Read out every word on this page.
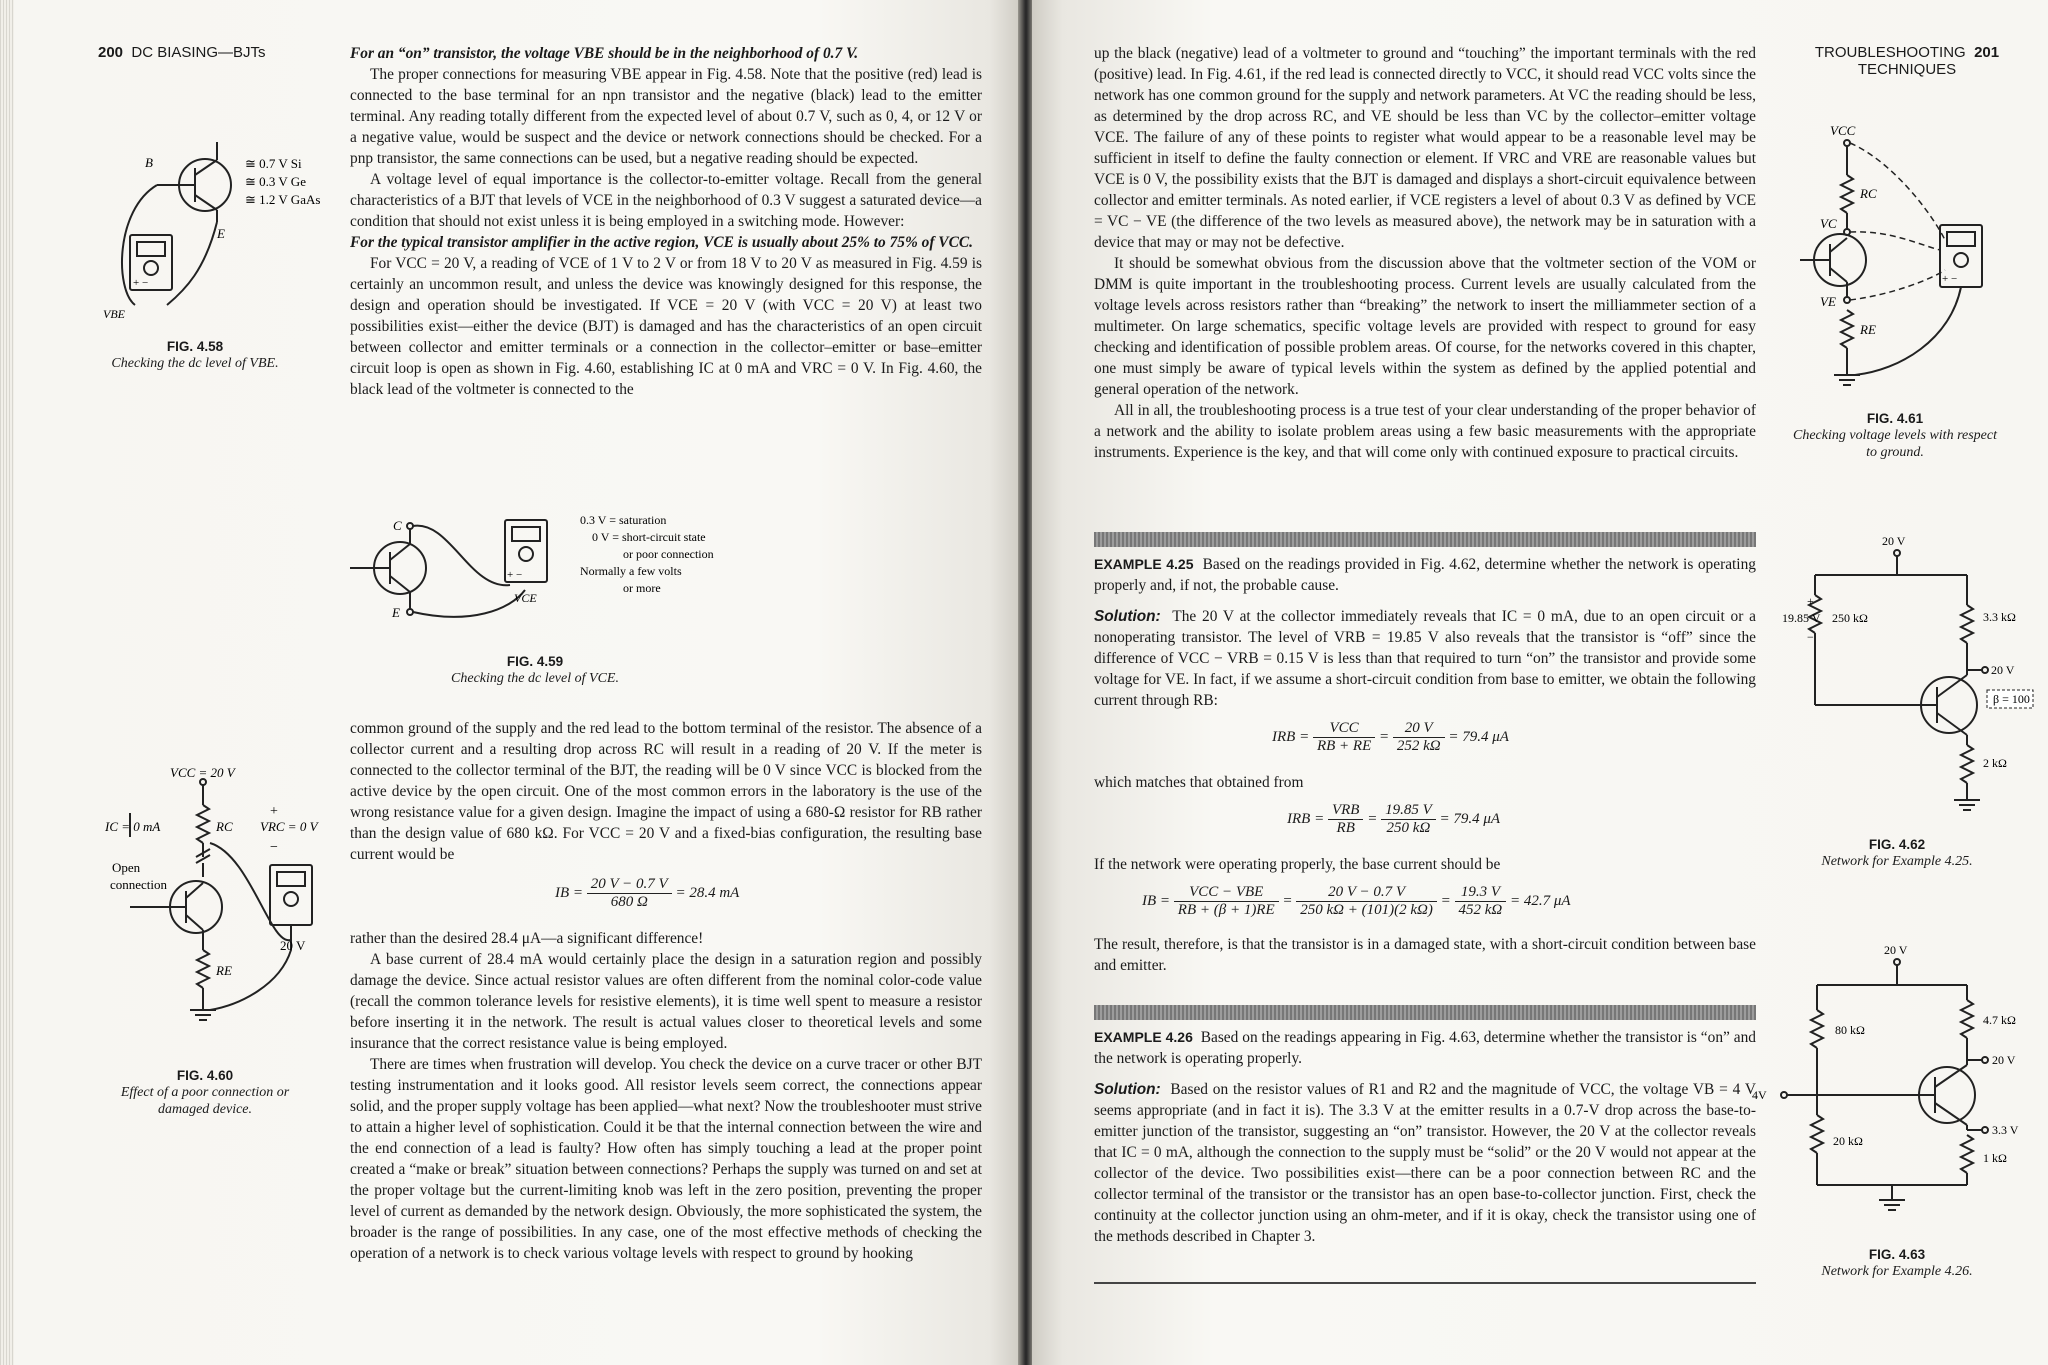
200 DC BIASING—BJTs
B
E
≅ 0.7 V Si
≅ 0.3 V Ge
≅ 1.2 V GaAs
VBE
+ −
FIG. 4.58
Checking the dc level of VBE.
VCC = 20 V
IC = 0 mA	RC VRC = 0 V
+
−
Open
connection
RE
20 V
FIG. 4.60
Effect of a poor connection or
damaged device.

For an “on” transistor, the voltage VBE should be in the neighborhood of 0.7 V.

The proper connections for measuring VBE appear in Fig. 4.58. Note that the positive (red) lead is connected to the base terminal for an npn transistor and the negative (black) lead to the emitter terminal. Any reading totally different from the expected level of about 0.7 V, such as 0, 4, or 12 V or a negative value, would be suspect and the device or network connections should be checked. For a pnp transistor, the same connections can be used, but a negative reading should be expected.

A voltage level of equal importance is the collector-to-emitter voltage. Recall from the general characteristics of a BJT that levels of VCE in the neighborhood of 0.3 V suggest a saturated device—a condition that should not exist unless it is being employed in a switching mode. However:

For the typical transistor amplifier in the active region, VCE is usually about 25% to 75% of VCC.

For VCC = 20 V, a reading of VCE of 1 V to 2 V or from 18 V to 20 V as measured in Fig. 4.59 is certainly an uncommon result, and unless the device was knowingly designed for this response, the design and operation should be investigated. If VCE = 20 V (with VCC = 20 V) at least two possibilities exist—either the device (BJT) is damaged and has the characteristics of an open circuit between collector and emitter terminals or a connection in the collector–emitter or base–emitter circuit loop is open as shown in Fig. 4.60, establishing IC at 0 mA and VRC = 0 V. In Fig. 4.60, the black lead of the voltmeter is connected to the

C
E
VCE
+ −
0.3 V = saturation
0 V = short-circuit state
or poor connection
Normally a few volts
or more
FIG. 4.59
Checking the dc level of VCE.

common ground of the supply and the red lead to the bottom terminal of the resistor. The absence of a collector current and a resulting drop across RC will result in a reading of 20 V. If the meter is connected to the collector terminal of the BJT, the reading will be 0 V since VCC is blocked from the active device by the open circuit. One of the most common errors in the laboratory is the use of the wrong resistance value for a given design. Imagine the impact of using a 680-Ω resistor for RB rather than the design value of 680 kΩ. For VCC = 20 V and a fixed-bias configuration, the resulting base current would be

IB = $\frac{20 V - 0.7 V}{680 \Omega} = 28.4$ mA

rather than the desired 28.4 μA—a significant difference!

A base current of 28.4 mA would certainly place the design in a saturation region and possibly damage the device. Since actual resistor values are often different from the nominal color-code value (recall the common tolerance levels for resistive elements), it is time well spent to measure a resistor before inserting it in the network. The result is actual values closer to theoretical levels and some insurance that the correct resistance value is being employed.

There are times when frustration will develop. You check the device on a curve tracer or other BJT testing instrumentation and it looks good. All resistor levels seem correct, the connections appear solid, and the proper supply voltage has been applied—what next? Now the troubleshooter must strive to attain a higher level of sophistication. Could it be that the internal connection between the wire and the end connection of a lead is faulty? How often has simply touching a lead at the proper point created a “make or break” situation between connections? Perhaps the supply was turned on and set at the proper voltage but the current-limiting knob was left in the zero position, preventing the proper level of current as demanded by the network design. Obviously, the more sophisticated the system, the broader is the range of possibilities. In any case, one of the most effective methods of checking the operation of a network is to check various voltage levels with respect to ground by hooking

TROUBLESHOOTING 201
TECHNIQUES

up the black (negative) lead of a voltmeter to ground and “touching” the important terminals with the red (positive) lead. In Fig. 4.61, if the red lead is connected directly to VCC, it should read VCC volts since the network has one common ground for the supply and network parameters. At VC the reading should be less, as determined by the drop across RC, and VE should be less than VC by the collector–emitter voltage VCE. The failure of any of these points to register what would appear to be a reasonable level may be sufficient in itself to define the faulty connection or element. If VRC and VRE are reasonable values but VCE is 0 V, the possibility exists that the BJT is damaged and displays a short-circuit equivalence between collector and emitter terminals. As noted earlier, if VCE registers a level of about 0.3 V as defined by VCE = VC − VE (the difference of the two levels as measured above), the network may be in saturation with a device that may or may not be defective.

It should be somewhat obvious from the discussion above that the voltmeter section of the VOM or DMM is quite important in the troubleshooting process. Current levels are usually calculated from the voltage levels across resistors rather than “breaking” the network to insert the milliammeter section of a multimeter. On large schematics, specific voltage levels are provided with respect to ground for easy checking and identification of possible problem areas. Of course, for the networks covered in this chapter, one must simply be aware of typical levels within the system as defined by the applied potential and general operation of the network.

All in all, the troubleshooting process is a true test of your clear understanding of the proper behavior of a network and the ability to isolate problem areas using a few basic measurements with the appropriate instruments. Experience is the key, and that will come only with continued exposure to practical circuits.

VCC
RC
VC
VE
RE
+ −
FIG. 4.61
Checking voltage levels with respect
to ground.

EXAMPLE 4.25 Based on the readings provided in Fig. 4.62, determine whether the network is operating properly and, if not, the probable cause.

Solution: The 20 V at the collector immediately reveals that IC = 0 mA, due to an open circuit or a nonoperating transistor. The level of VRB = 19.85 V also reveals that the transistor is “off” since the difference of VCC − VRB = 0.15 V is less than that required to turn “on” the transistor and provide some voltage for VE. In fact, if we assume a short-circuit condition from base to emitter, we obtain the following current through RB:

IRB = $\frac{\text{VCC}}{RB + RE} = \frac{20 V}{252 k\Omega} = 79.4$ μA

which matches that obtained from

IRB = $\frac{\text{VRB}}{RB} = \frac{19.85 V}{250 k\Omega} = 79.4$ μA

If the network were operating properly, the base current should be

IB = $\frac{\text{VCC − VBE}}{RB + (\beta + 1)RE} = \frac{20 V - 0.7 V}{250 k\Omega + (101)(2 k\Omega)} = \frac{19.3 V}{452 k\Omega} = 42.7$ μA

The result, therefore, is that the transistor is in a damaged state, with a short-circuit condition between base and emitter.

EXAMPLE 4.26 Based on the readings appearing in Fig. 4.63, determine whether the transistor is “on” and the network is operating properly.

Solution: Based on the resistor values of R1 and R2 and the magnitude of VCC, the voltage VB = 4 V seems appropriate (and in fact it is). The 3.3 V at the emitter results in a 0.7-V drop across the base-to-emitter junction of the transistor, suggesting an “on” transistor. However, the 20 V at the collector reveals that IC = 0 mA, although the connection to the supply must be “solid” or the 20 V would not appear at the collector of the device. Two possibilities exist—there can be a poor connection between RC and the collector terminal of the transistor or the transistor has an open base-to-collector junction. First, check the continuity at the collector junction using an ohm-meter, and if it is okay, check the transistor using one of the methods described in Chapter 3.

20 V
19.85 V
+
−
250 kΩ	3.3 kΩ
20 V
β = 100
2 kΩ
FIG. 4.62
Network for Example 4.25.
20 V
80 kΩ
4.7 kΩ
20 V
4V
3.3 V
20 kΩ
1 kΩ
FIG. 4.63
Network for Example 4.26.
